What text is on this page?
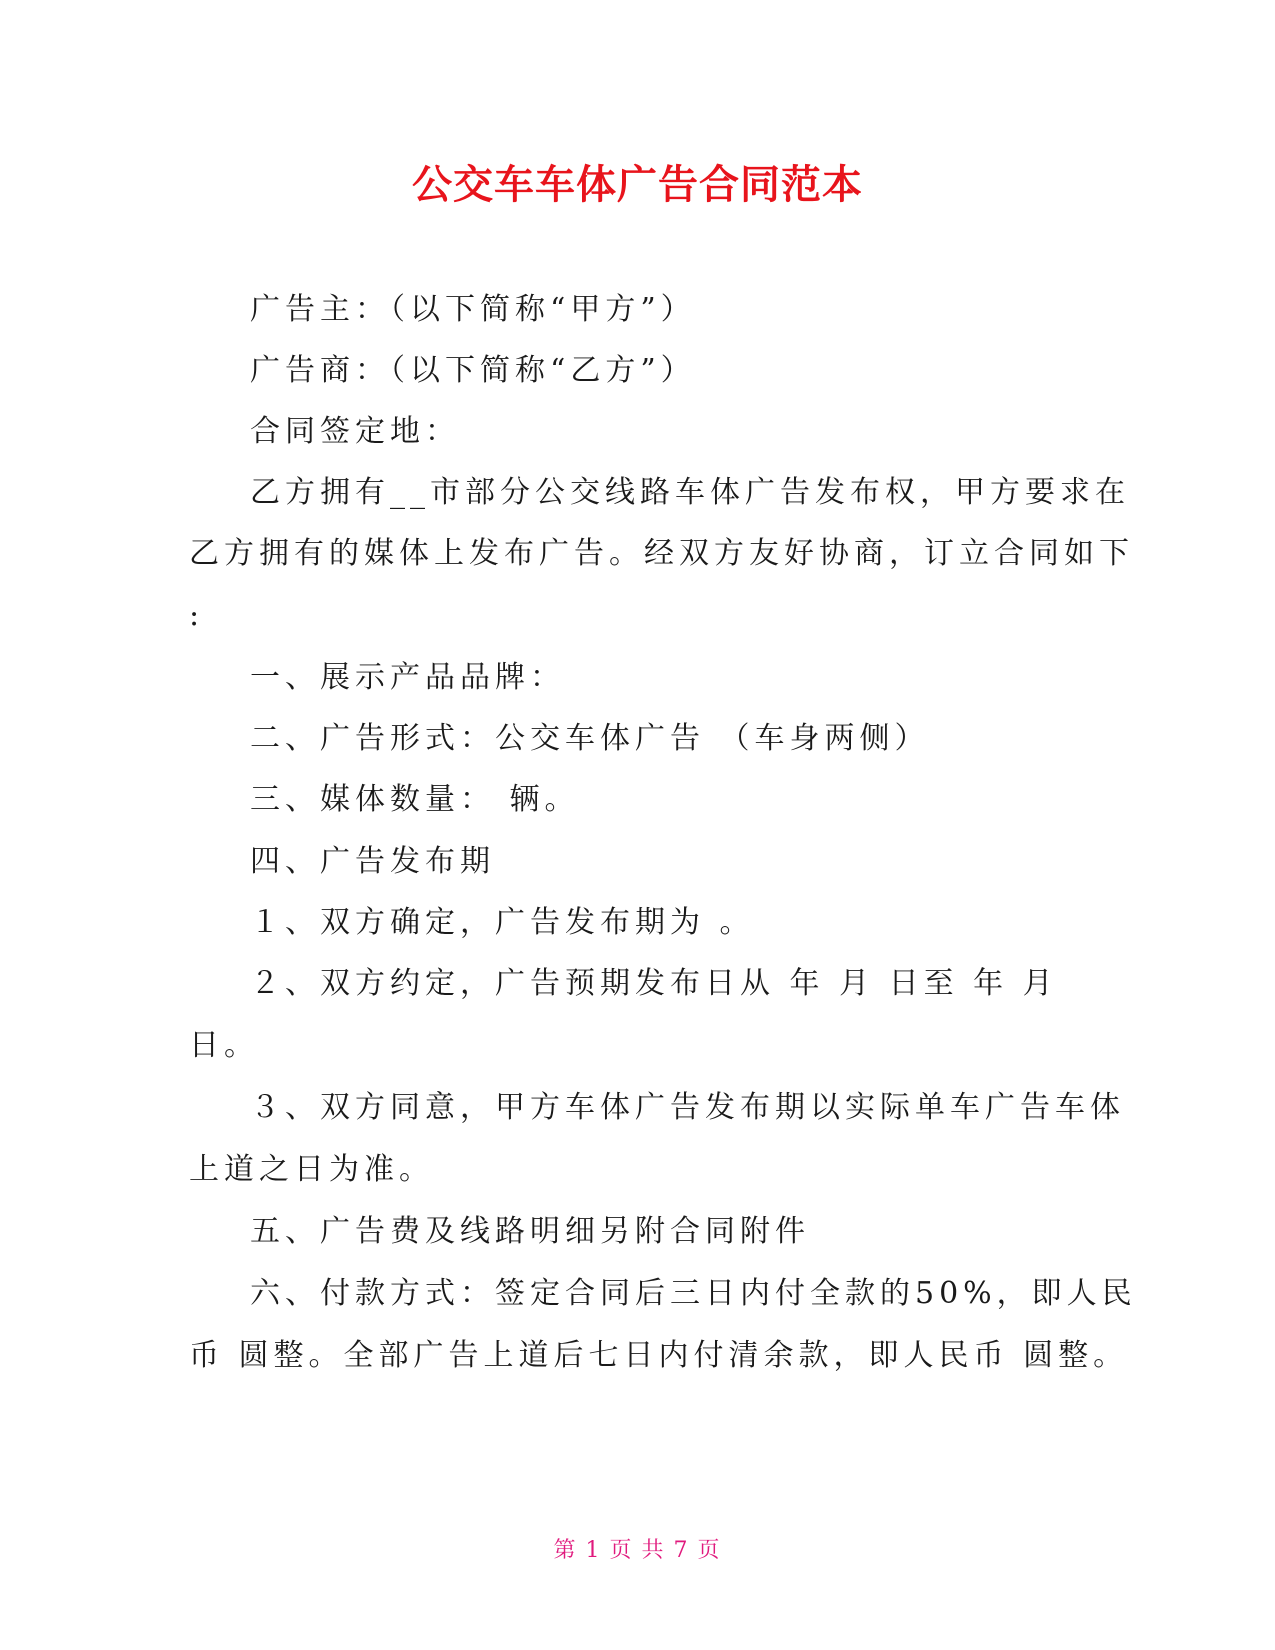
公交车车体广告合同范本
广告主：（以下简称“甲方”）
广告商：（以下简称“乙方”）
合同签定地：
乙方拥有__市部分公交线路车体广告发布权，甲方要求在
乙方拥有的媒体上发布广告。经双方友好协商，订立合同如下
:
一、展示产品品牌：
二、广告形式：公交车体广告 （车身两侧）
三、媒体数量： 辆。
四、广告发布期
１、双方确定，广告发布期为 。
２、双方约定，广告预期发布日从 年 月 日至 年 月
日。
３、双方同意，甲方车体广告发布期以实际单车广告车体
上道之日为准。
五、广告费及线路明细另附合同附件
六、付款方式：签定合同后三日内付全款的50%，即人民
币 圆整。全部广告上道后七日内付清余款，即人民币 圆整。
第 1 页 共 7 页
